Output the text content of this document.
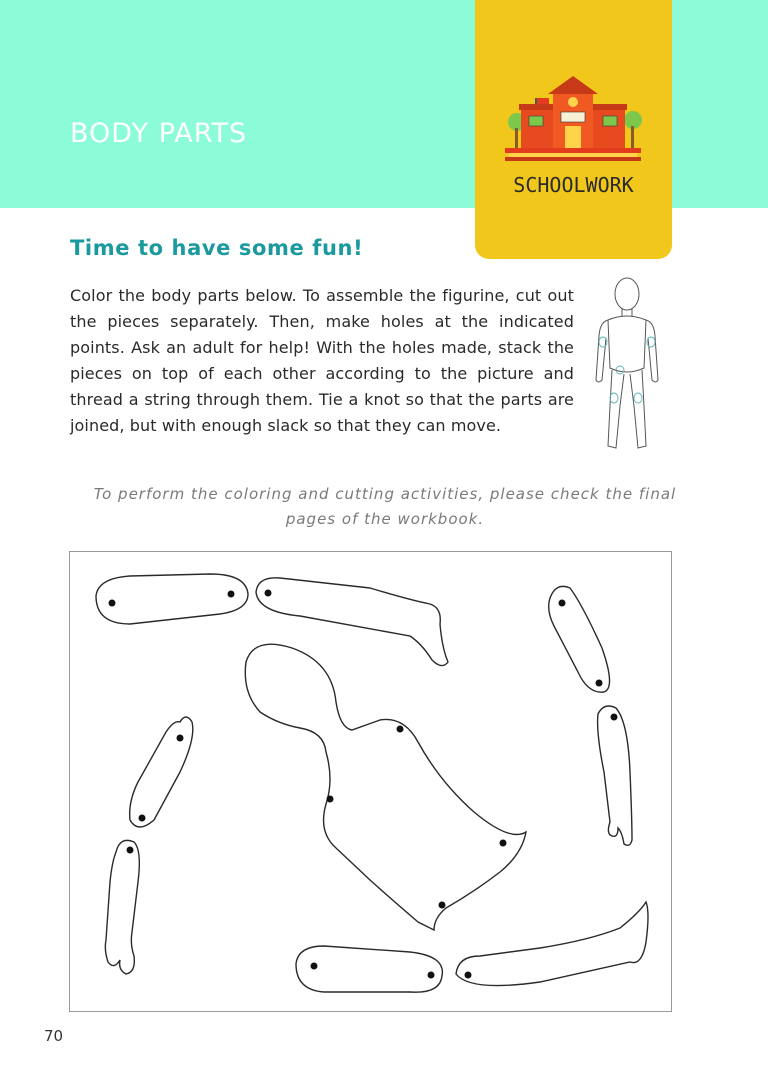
BODY PARTS
SCHOOLWORK
Time to have some fun!

Color the body parts below. To assemble the figurine, cut out the pieces separately. Then, make holes at the indicated points. Ask an adult for help! With the holes made, stack the pieces on top of each other according to the picture and thread a string through them. Tie a knot so that the parts are joined, but with enough slack so that they can move.

To perform the coloring and cutting activities, please check the final pages of the workbook.

70
